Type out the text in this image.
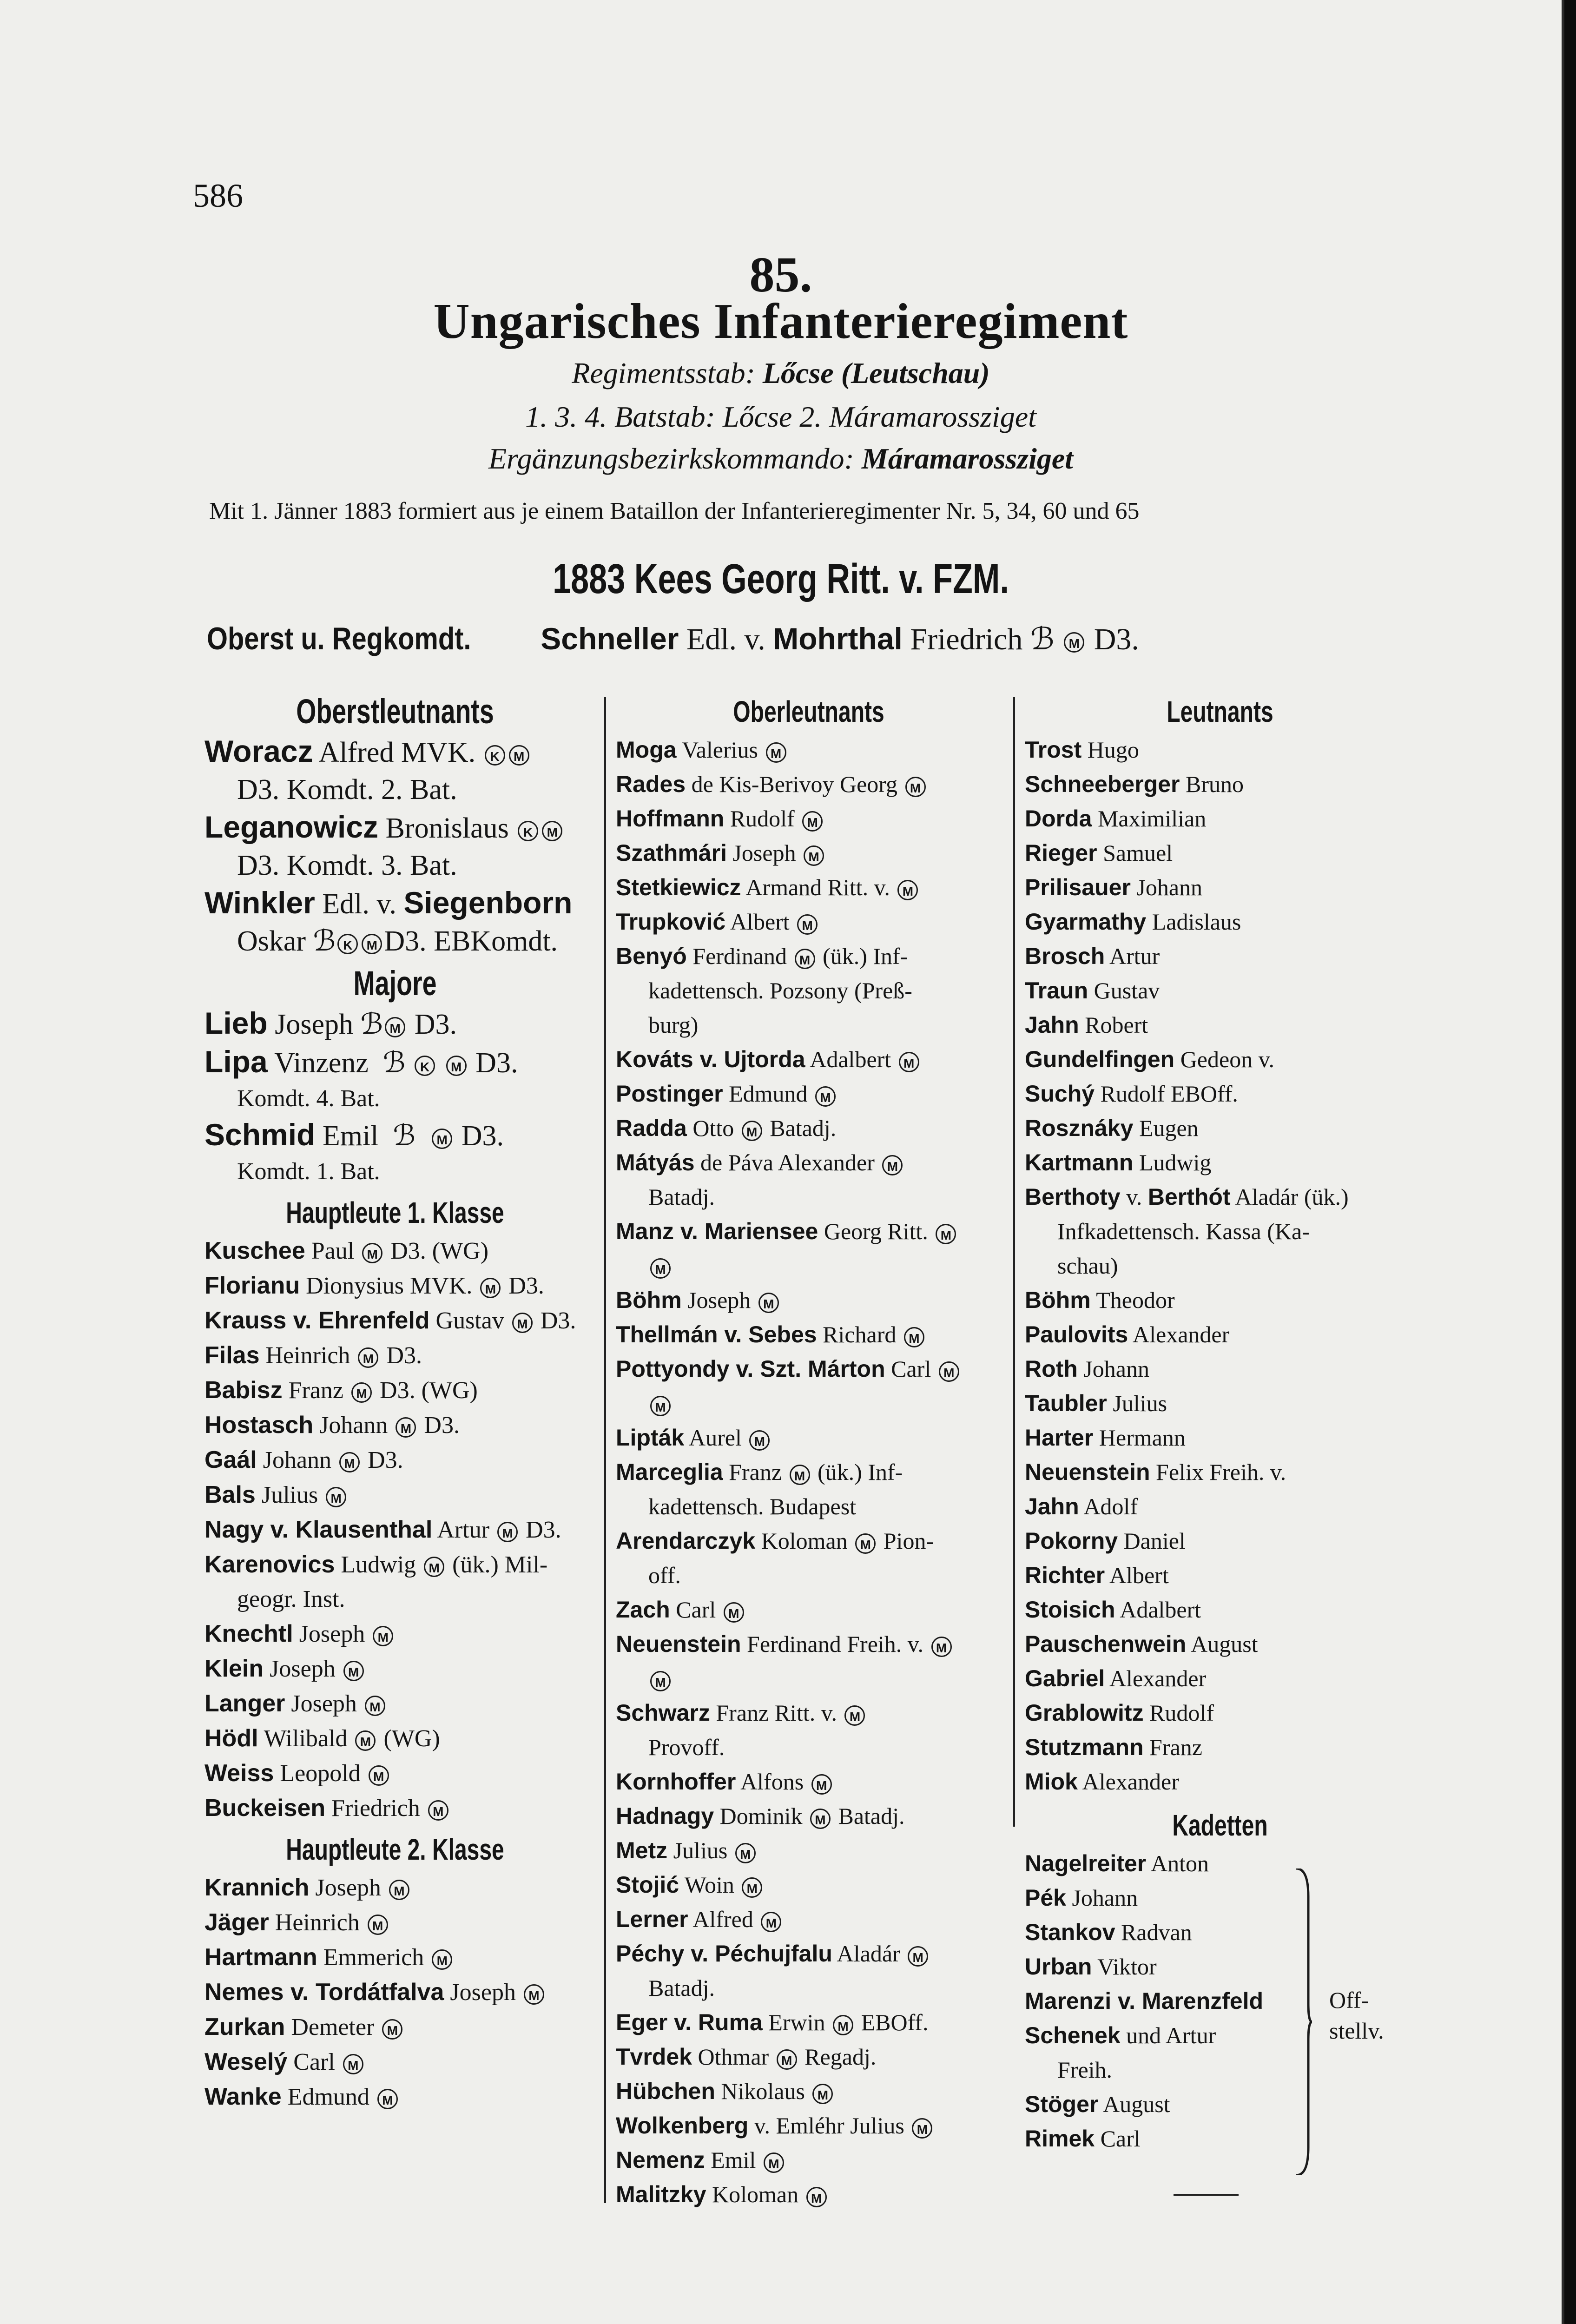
586
85.
Ungarisches Infanterieregiment
Regimentsstab: Lőcse (Leutschau)
1. 3. 4. Batstab: Lőcse 2. Máramarossziget
Ergänzungsbezirkskommando: Máramarossziget
Mit 1. Jänner 1883 formiert aus je einem Bataillon der Infanterieregimenter Nr. 5, 34, 60 und 65
1883 Kees Georg Ritt. v. FZM.
Oberst u. Regkomdt. Schneller Edl. v. Mohrthal Friedrich ℬ M D3.
Oberstleutnants
Woracz Alfred MVK. K M
D3. Komdt. 2. Bat.
Leganowicz Bronislaus K M
D3. Komdt. 3. Bat.
Winkler Edl. v. Siegenborn
Oskar ℬ K M D3. EBKomdt.
Majore
Lieb Joseph ℬ M D3.
Lipa Vinzenz ℬ K M D3.
Komdt. 4. Bat.
Schmid Emil ℬ M D3.
Komdt. 1. Bat.
Hauptleute 1. Klasse
Kuschee Paul M D3. (WG)
Florianu Dionysius MVK. M D3.
Krauss v. Ehrenfeld Gustav M D3.
Filas Heinrich M D3.
Babisz Franz M D3. (WG)
Hostasch Johann M D3.
Gaál Johann M D3.
Bals Julius M
Nagy v. Klausenthal Artur M D3.
Karenovics Ludwig M (ük.) Mil-
geogr. Inst.
Knechtl Joseph M
Klein Joseph M
Langer Joseph M
Hödl Wilibald M (WG)
Weiss Leopold M
Buckeisen Friedrich M
Hauptleute 2. Klasse
Krannich Joseph M
Jäger Heinrich M
Hartmann Emmerich M
Nemes v. Tordátfalva Joseph M
Zurkan Demeter M
Weselý Carl M
Wanke Edmund M
Oberleutnants
Moga Valerius M
Rades de Kis-Berivoy Georg M
Hoffmann Rudolf M
Szathmári Joseph M
Stetkiewicz Armand Ritt. v. M
Trupković Albert M
Benyó Ferdinand M (ük.) Inf-
kadettensch. Pozsony (Preß-
burg)
Kováts v. Ujtorda Adalbert M
Postinger Edmund M
Radda Otto M Batadj.
Mátyás de Páva Alexander M
Batadj.
Manz v. Mariensee Georg Ritt. M
M
Böhm Joseph M
Thellmán v. Sebes Richard M
Pottyondy v. Szt. Márton Carl M
M
Lipták Aurel M
Marceglia Franz M (ük.) Inf-
kadettensch. Budapest
Arendarczyk Koloman M Pion-
off.
Zach Carl M
Neuenstein Ferdinand Freih. v. M
M
Schwarz Franz Ritt. v. M
Provoff.
Kornhoffer Alfons M
Hadnagy Dominik M Batadj.
Metz Julius M
Stojić Woin M
Lerner Alfred M
Péchy v. Péchujfalu Aladár M
Batadj.
Eger v. Ruma Erwin M EBOff.
Tvrdek Othmar M Regadj.
Hübchen Nikolaus M
Wolkenberg v. Emléhr Julius M
Nemenz Emil M
Malitzky Koloman M
Leutnants
Trost Hugo
Schneeberger Bruno
Dorda Maximilian
Rieger Samuel
Prilisauer Johann
Gyarmathy Ladislaus
Brosch Artur
Traun Gustav
Jahn Robert
Gundelfingen Gedeon v.
Suchý Rudolf EBOff.
Rosznáky Eugen
Kartmann Ludwig
Berthoty v. Berthót Aladár (ük.)
Infkadettensch. Kassa (Ka-
schau)
Böhm Theodor
Paulovits Alexander
Roth Johann
Taubler Julius
Harter Hermann
Neuenstein Felix Freih. v.
Jahn Adolf
Pokorny Daniel
Richter Albert
Stoisich Adalbert
Pauschenwein August
Gabriel Alexander
Grablowitz Rudolf
Stutzmann Franz
Miok Alexander
Kadetten
Nagelreiter Anton
Pék Johann
Stankov Radvan
Urban Viktor
Marenzi v. Marenzfeld
Schenek und Artur
Freih.
Stöger August
Rimek Carl
Off-
stellv.
